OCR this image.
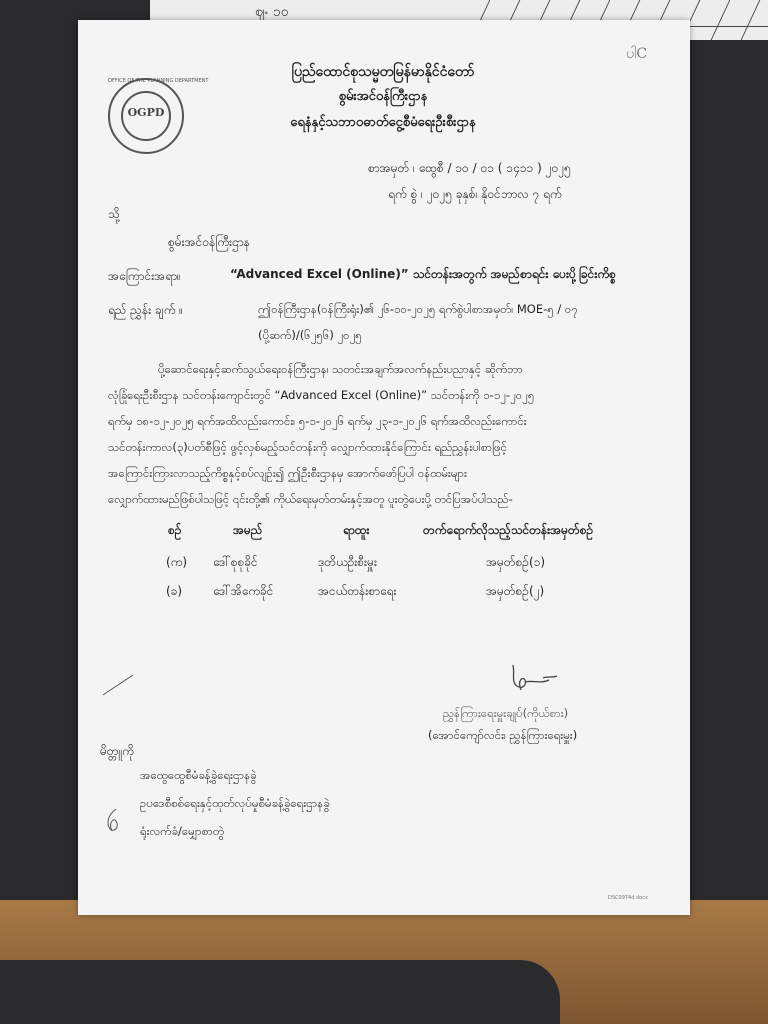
ဈႋ ၁၀
ပါC
OFFICE OF THE PLANNING DEPARTMENT
OGPD
ပြည်ထောင်စုသမ္မတမြန်မာနိုင်ငံတော်
စွမ်းအင်ဝန်ကြီးဌာန
ရေနံနှင့်သဘာဝဓာတ်ငွေ့စီမံရေးဦးစီးဌာန
စာအမှတ် ၊ ထွေစီ / ၁၀ / ၀၁ ( ၁၄၁၁ ) ၂၀၂၅
ရက် စွဲ ၊ ၂၀၂၅ ခုနှစ်၊ နိုဝင်ဘာလ ၇ ရက်
သို့
စွမ်းအင်ဝန်ကြီးဌာန
အကြောင်းအရာ။	“Advanced Excel (Online)” သင်တန်းအတွက် အမည်စာရင်း ပေးပို့ခြင်းကိစ္စ
ရည် ညွှန်း ချက် ။	ဤဝန်ကြီးဌာန(ဝန်ကြီးရုံး)၏ ၂၆-၁၀-၂၀၂၅ ရက်စွဲပါစာအမှတ်၊ MOE-၅ / ၀၇
(ပို့ဆက်)/(၆၂၅၆) ၂၀၂၅
ပို့ဆောင်ရေးနှင့်ဆက်သွယ်ရေးဝန်ကြီးဌာန၊ သတင်းအချက်အလက်နည်းပညာနှင့် ဆိုက်ဘာ
လုံခြုံရေးဦးစီးဌာန သင်တန်းကျောင်းတွင် “Advanced Excel (Online)” သင်တန်းကို ၁-၁၂-၂၀၂၅
ရက်မှ ၁၈-၁၂-၂၀၂၅ ရက်အထိလည်းကောင်း၊ ၅-၁-၂၀၂၆ ရက်မှ ၂၃-၁-၂၀၂၆ ရက်အထိလည်းကောင်း
သင်တန်းကာလ(၃)ပတ်စီဖြင့် ဖွင့်လှစ်မည့်သင်တန်းကို လျှောက်ထားနိုင်ကြောင်း ရည်ညွှန်းပါစာဖြင့်
အကြောင်းကြားလာသည့်ကိစ္စနှင့်စပ်လျဉ်း၍ ဤဦးစီးဌာနမှ အောက်ဖော်ပြပါ ဝန်ထမ်းများ
လျှောက်ထားမည်ဖြစ်ပါသဖြင့် ၎င်းတို့၏ ကိုယ်ရေးမှတ်တမ်းနှင့်အတူ ပူးတွဲပေးပို့ တင်ပြအပ်ပါသည်-
စဉ်	အမည်	ရာထူး	တက်ရောက်လိုသည့်သင်တန်းအမှတ်စဉ်
(က) ဒေါ်စုစုခိုင်	ဒုတိယဦးစီးမှူး	အမှတ်စဉ်(၁)
(ခ)	ဒေါ်အိကေခိုင်	အငယ်တန်းစာရေး	အမှတ်စဉ်(၂)
ညွှန်ကြားရေးမှူးချုပ်(ကိုယ်စား)
(အောင်ကျော်လင်း၊ ညွှန်ကြားရေးမှူး)
မိတ္တူကို
အထွေထွေစီမံခန့်ခွဲရေးဌာနခွဲ
ဥပဒေစီစစ်ရေးနှင့်ထုတ်လုပ်မှုစီမံခန့်ခွဲရေးဌာနခွဲ
ရုံးလက်ခံ/မျှောစာတွဲ
DSC0974d.docx
